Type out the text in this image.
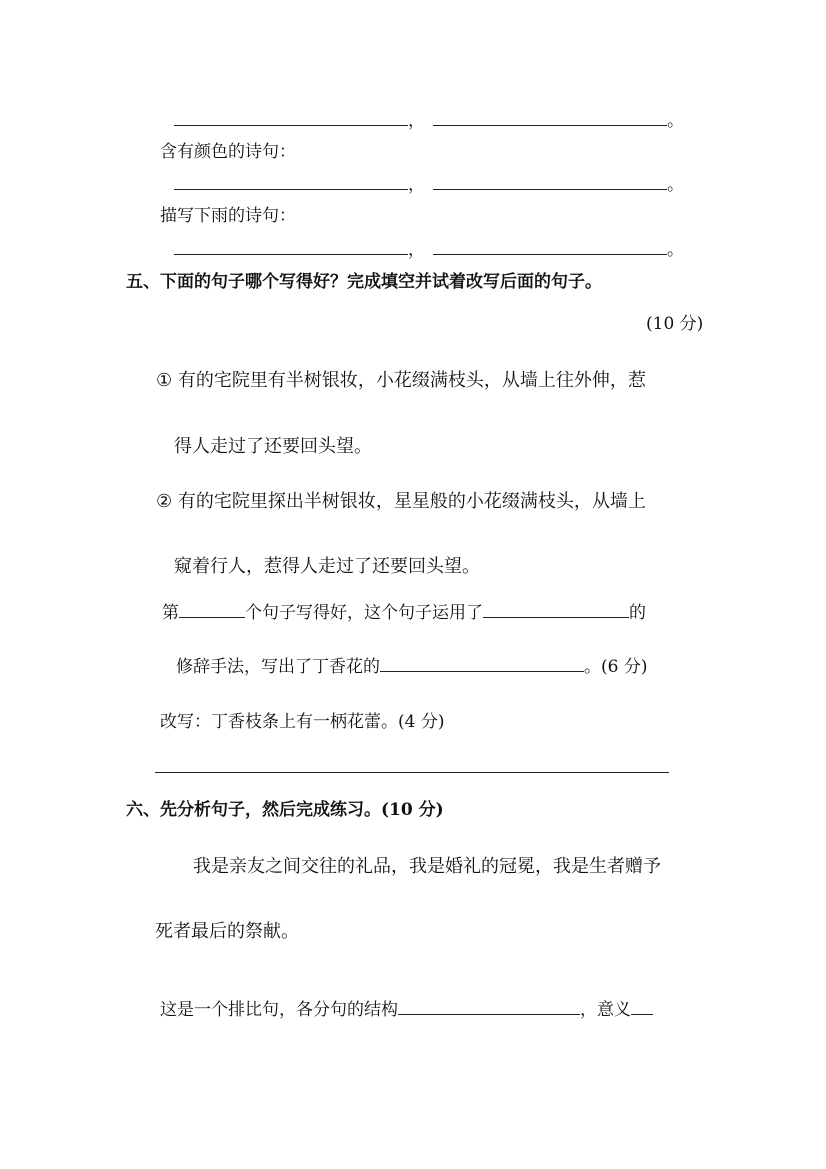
，	。
含有颜色的诗句：
，	。
描写下雨的诗句：
，	。
五、下面的句子哪个写得好？完成填空并试着改写后面的句子。
(10 分)
① 有的宅院里有半树银妆，小花缀满枝头，从墙上往外伸，惹
得人走过了还要回头望。
② 有的宅院里探出半树银妆，星星般的小花缀满枝头，从墙上
窥着行人，惹得人走过了还要回头望。
第	个句子写得好，这个句子运用了	的
修辞手法，写出了丁香花的	。(6 分)
改写：丁香枝条上有一柄花蕾。(4 分)
六、先分析句子，然后完成练习。(10 分)
我是亲友之间交往的礼品，我是婚礼的冠冕，我是生者赠予
死者最后的祭献。
这是一个排比句，各分句的结构	，意义
